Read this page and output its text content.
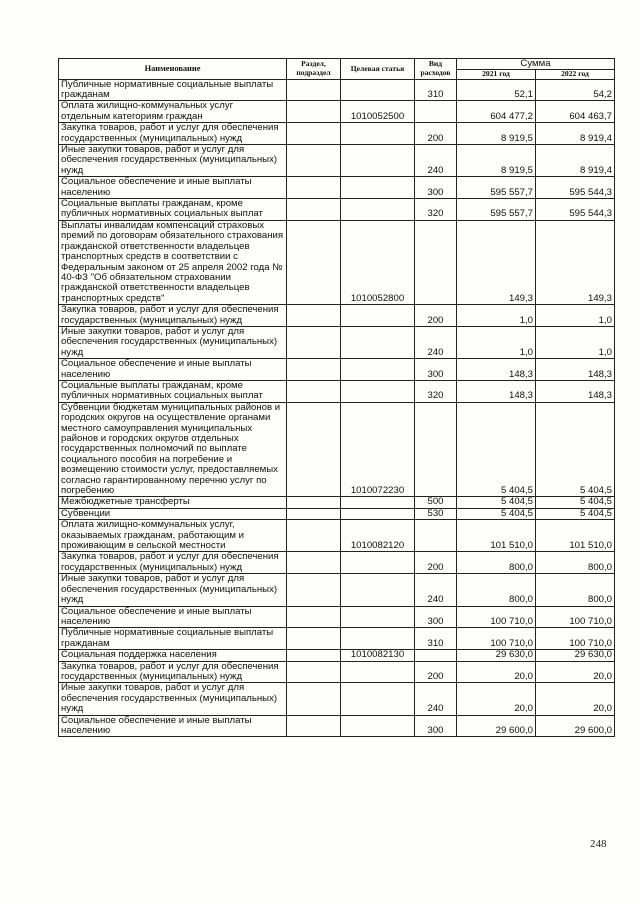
Наименование	Раздел, подраздел	Целевая статья	Вид расходов	Сумма	
				2021 год	2022 год
Публичные нормативные социальные выплаты гражданам			310	52,1	54,2
Оплата жилищно-коммунальных услуг отдельным категориям граждан		1010052500		604 477,2	604 463,7
Закупка товаров, работ и услуг для обеспечения государственных (муниципальных) нужд			200	8 919,5	8 919,4
Иные закупки товаров, работ и услуг для обеспечения государственных (муниципальных) нужд			240	8 919,5	8 919,4
Социальное обеспечение и иные выплаты населению			300	595 557,7	595 544,3
Социальные выплаты гражданам, кроме публичных нормативных социальных выплат			320	595 557,7	595 544,3
Выплаты инвалидам компенсаций страховых премий по договорам обязательного страхования гражданской ответственности владельцев транспортных средств в соответствии с Федеральным законом от 25 апреля 2002 года № 40-ФЗ "Об обязательном страховании гражданской ответственности владельцев транспортных средств"		1010052800		149,3	149,3
Закупка товаров, работ и услуг для обеспечения государственных (муниципальных) нужд			200	1,0	1,0
Иные закупки товаров, работ и услуг для обеспечения государственных (муниципальных) нужд			240	1,0	1,0
Социальное обеспечение и иные выплаты населению			300	148,3	148,3
Социальные выплаты гражданам, кроме публичных нормативных социальных выплат			320	148,3	148,3
Субвенции бюджетам муниципальных районов и городских округов на осуществление органами местного самоуправления муниципальных районов и городских округов отдельных государственных полномочий по выплате социального пособия на погребение и возмещению стоимости услуг, предоставляемых согласно гарантированному перечню услуг по погребению		1010072230		5 404,5	5 404,5
Межбюджетные трансферты			500	5 404,5	5 404,5
Субвенции			530	5 404,5	5 404,5
Оплата жилищно-коммунальных услуг, оказываемых гражданам, работающим и проживающим в сельской местности		1010082120		101 510,0	101 510,0
Закупка товаров, работ и услуг для обеспечения государственных (муниципальных) нужд			200	800,0	800,0
Иные закупки товаров, работ и услуг для обеспечения государственных (муниципальных) нужд			240	800,0	800,0
Социальное обеспечение и иные выплаты населению			300	100 710,0	100 710,0
Публичные нормативные социальные выплаты гражданам			310	100 710,0	100 710,0
Социальная поддержка населения		1010082130		29 630,0	29 630,0
Закупка товаров, работ и услуг для обеспечения государственных (муниципальных) нужд			200	20,0	20,0
Иные закупки товаров, работ и услуг для обеспечения государственных (муниципальных) нужд			240	20,0	20,0
Социальное обеспечение и иные выплаты населению			300	29 600,0	29 600,0
248
